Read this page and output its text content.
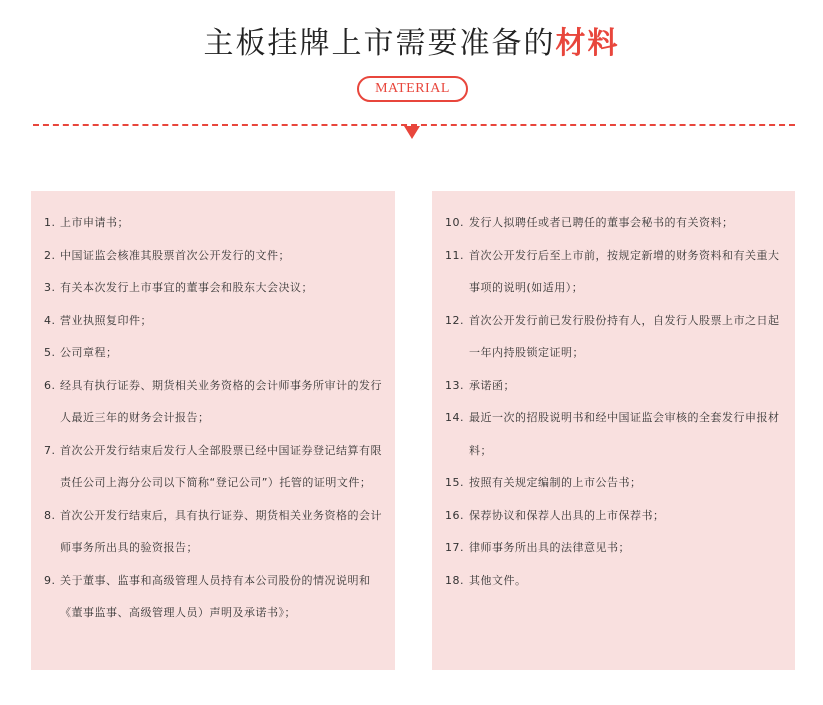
主板挂牌上市需要准备的材料
MATERIAL
1. 上市申请书；
2. 中国证监会核准其股票首次公开发行的文件；
3. 有关本次发行上市事宜的董事会和股东大会决议；
4. 营业执照复印件；
5. 公司章程；
6. 经具有执行证券、期货相关业务资格的会计师事务所审计的发行人最近三年的财务会计报告；
7. 首次公开发行结束后发行人全部股票已经中国证券登记结算有限责任公司上海分公司以下简称“登记公司”）托管的证明文件；
8. 首次公开发行结束后，具有执行证券、期货相关业务资格的会计师事务所出具的验资报告；
9. 关于董事、监事和高级管理人员持有本公司股份的情况说明和《董事监事、高级管理人员）声明及承诺书》；
10. 发行人拟聘任或者已聘任的董事会秘书的有关资料；
11. 首次公开发行后至上市前，按规定新增的财务资料和有关重大事项的说明(如适用）；
12. 首次公开发行前已发行股份持有人，自发行人股票上市之日起一年内持股锁定证明；
13. 承诺函；
14. 最近一次的招股说明书和经中国证监会审核的全套发行申报材料；
15. 按照有关规定编制的上市公告书；
16. 保荐协议和保荐人出具的上市保荐书；
17. 律师事务所出具的法律意见书；
18. 其他文件。
